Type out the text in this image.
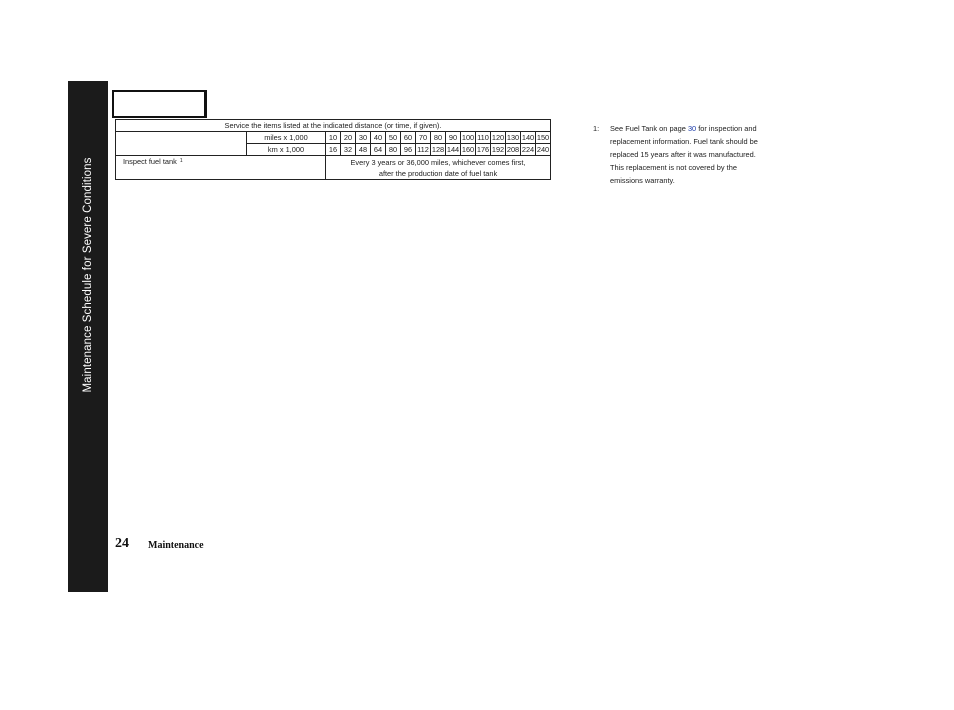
Maintenance Schedule for Severe Conditions
Service the items listed at the indicated distance (or time, if given).																
	miles x 1,000	10	20	30	40	50	60	70	80	90	100	110	120	130	140	150
	km x 1,000	16	32	48	64	80	96	112	128	144	160	176	192	208	224	240
Inspect fuel tank $^1$		Every 3 years or 36,000 miles, whichever comes first,
after the production date of fuel tank														
1: See Fuel Tank on page 30 for inspection and replacement information. Fuel tank should be replaced 15 years after it was manufactured. This replacement is not covered by the emissions warranty.
24 Maintenance
